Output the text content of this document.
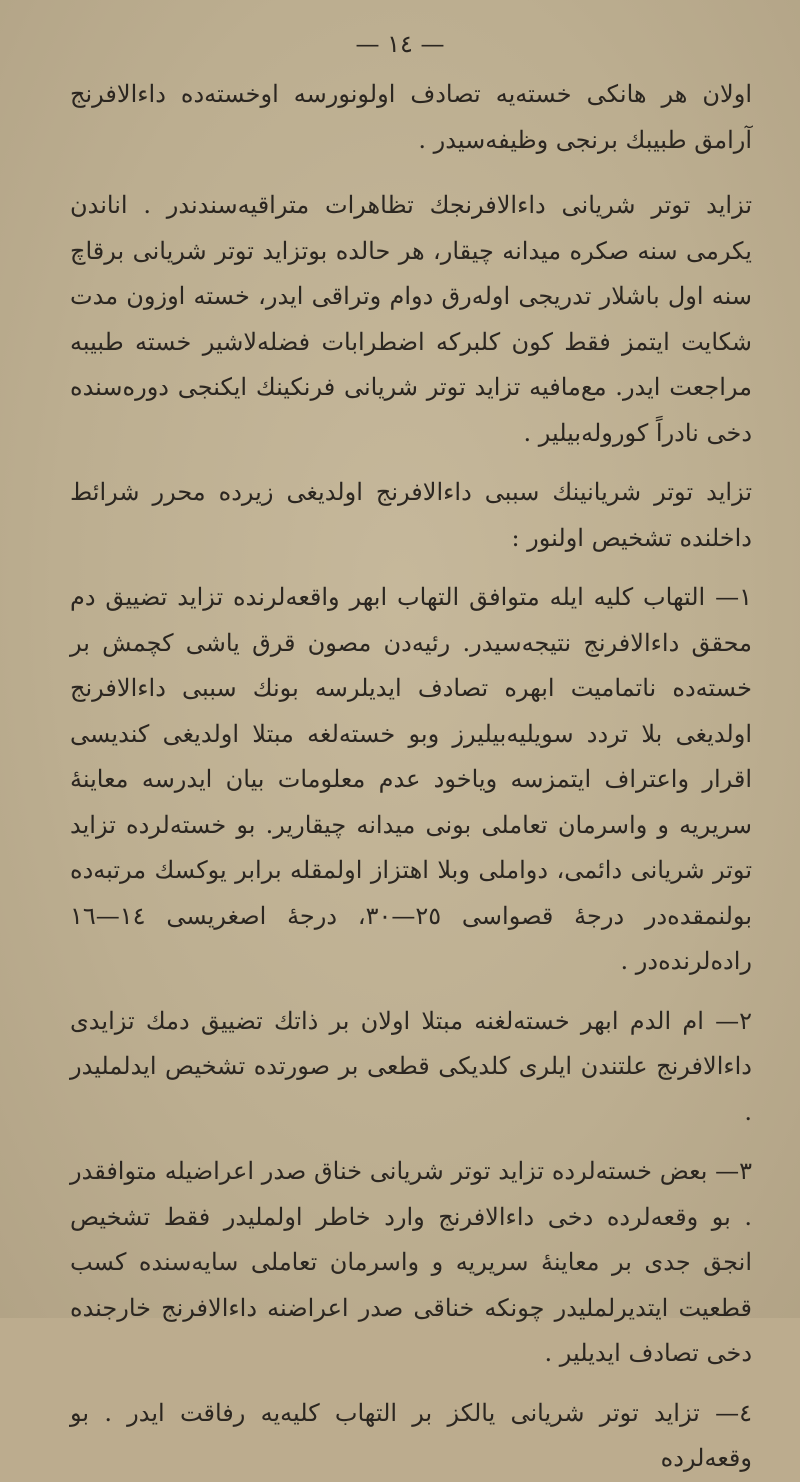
— ١٤ —

اولان هر هانكى خسته‌يه تصادف اولونورسه اوخسته‌ده داءالافرنج آرامق طبيبك برنجى وظيفه‌سيدر .

تزايد توتر شريانى داءالافرنجك تظاهرات متراقيه‌سندندر . اناندن يكرمى سنه صكره ميدانه چيقار، هر حالده بوتزايد توتر شريانى برقاچ سنه اول باشلار تدريجى اوله‌رق دوام وتراقى ايدر، خسته اوزون مدت شكايت ايتمز فقط كون كلبركه اضطرابات فضله‌لاشير خسته طبيبه مراجعت ايدر. مع‌مافيه تزايد توتر شريانى فرنكينك ايكنجى دوره‌سنده دخى نادراً كوروله‌بيلير .

تزايد توتر شريانينك سببى داءالافرنج اولديغى زيرده محرر شرائط داخلنده تشخيص اولنور :

١— التهاب كليه ايله متوافق التهاب ابهر واقعه‌لرنده تزايد تضييق دم محقق داءالافرنج نتيجه‌سيدر. رئيه‌دن مصون قرق ياشى كچمش بر خسته‌ده ناتماميت ابهره تصادف ايديلرسه بونك سببى داءالافرنج اولديغى بلا تردد سويليه‌بيليرز وبو خسته‌لغه مبتلا اولديغى كنديسى اقرار واعتراف ايتمزسه وياخود عدم معلومات بيان ايدرسه معاينهٔ سريريه و واسرمان تعاملى بونى ميدانه چيقارير. بو خسته‌لرده تزايد توتر شريانى دائمى، دواملى وبلا اهتزاز اولمقله برابر يوكسك مرتبه‌ده بولنمقده‌در درجهٔ قصواسى ٢٥—٣٠، درجهٔ اصغريسى ١٤—١٦ راده‌لرنده‌در .

٢— ام الدم ابهر خسته‌لغنه مبتلا اولان بر ذاتك تضييق دمك تزايدى داءالافرنج علتندن ايلرى كلديكى قطعى بر صورتده تشخيص ايدلمليدر .

٣— بعض خسته‌لرده تزايد توتر شريانى خناق صدر اعراضيله متوافقدر . بو وقعه‌لرده دخى داءالافرنج وارد خاطر اولمليدر فقط تشخيص انجق جدى بر معاينهٔ سريريه و واسرمان تعاملى سايه‌سنده كسب قطعيت ايتديرلمليدر چونكه خناقى صدر اعراضنه داءالافرنج خارجنده دخى تصادف ايديلير .

٤— تزايد توتر شريانى يالكز بر التهاب كليه‌يه رفاقت ايدر . بو وقعه‌لرده
